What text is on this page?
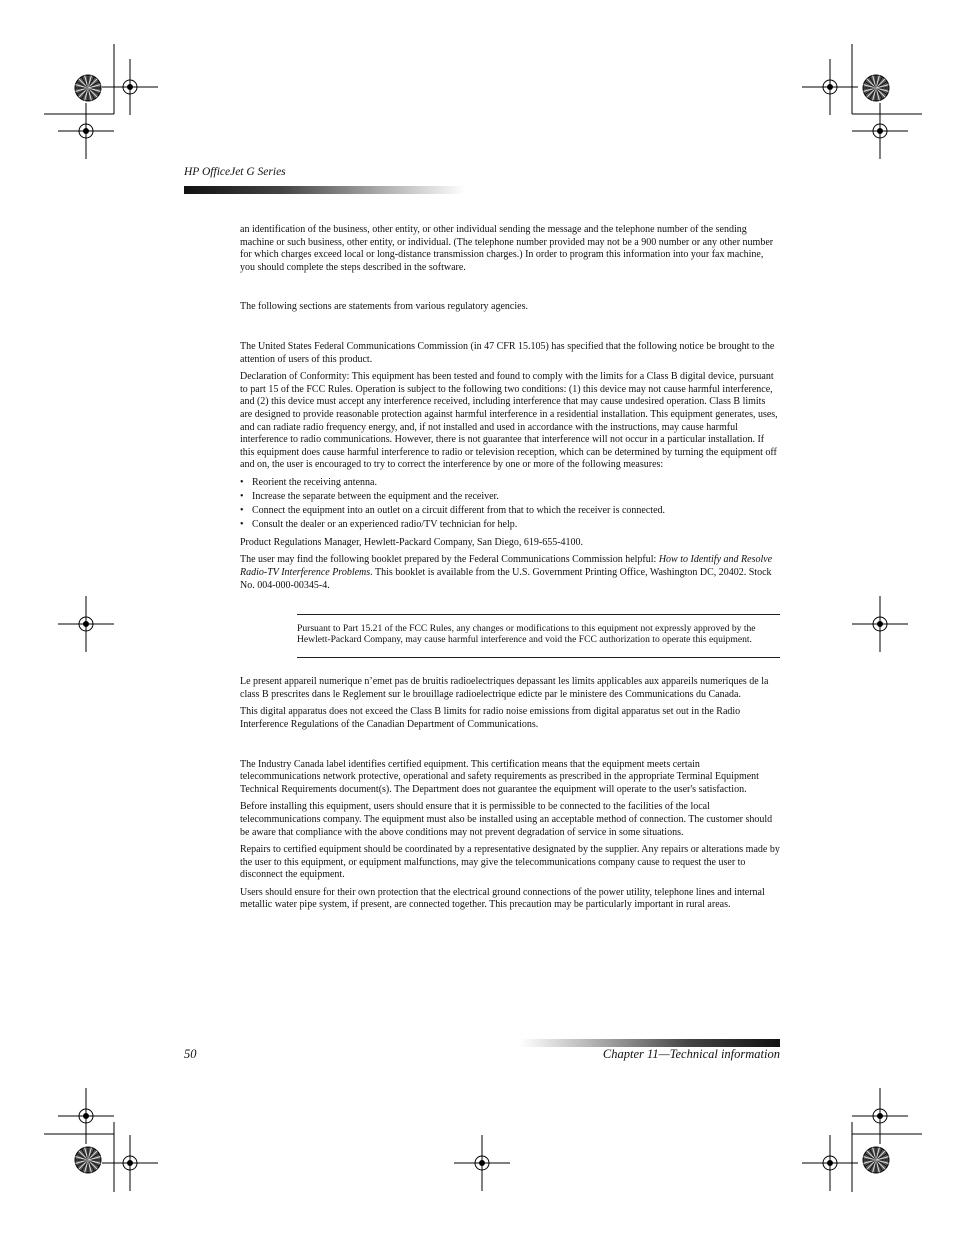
HP OfficeJet G Series

an identification of the business, other entity, or other individual sending the message and the telephone number of the sending machine or such business, other entity, or individual. (The telephone number provided may not be a 900 number or any other number for which charges exceed local or long-distance transmission charges.) In order to program this information into your fax machine, you should complete the steps described in the software.

The following sections are statements from various regulatory agencies.

The United States Federal Communications Commission (in 47 CFR 15.105) has specified that the following notice be brought to the attention of users of this product.

Declaration of Conformity: This equipment has been tested and found to comply with the limits for a Class B digital device, pursuant to part 15 of the FCC Rules. Operation is subject to the following two conditions: (1) this device may not cause harmful interference, and (2) this device must accept any interference received, including interference that may cause undesired operation. Class B limits are designed to provide reasonable protection against harmful interference in a residential installation. This equipment generates, uses, and can radiate radio frequency energy, and, if not installed and used in accordance with the instructions, may cause harmful interference to radio communications. However, there is not guarantee that interference will not occur in a particular installation. If this equipment does cause harmful interference to radio or television reception, which can be determined by turning the equipment off and on, the user is encouraged to try to correct the interference by one or more of the following measures:

• Reorient the receiving antenna.
• Increase the separate between the equipment and the receiver.
• Connect the equipment into an outlet on a circuit different from that to which the receiver is connected.
• Consult the dealer or an experienced radio/TV technician for help.

Product Regulations Manager, Hewlett-Packard Company, San Diego, 619-655-4100.

The user may find the following booklet prepared by the Federal Communications Commission helpful: How to Identify and Resolve Radio-TV Interference Problems. This booklet is available from the U.S. Government Printing Office, Washington DC, 20402. Stock No. 004-000-00345-4.

Pursuant to Part 15.21 of the FCC Rules, any changes or modifications to this equipment not expressly approved by the Hewlett-Packard Company, may cause harmful interference and void the FCC authorization to operate this equipment.

Le present appareil numerique n’emet pas de bruitis radioelectriques depassant les limits applicables aux appareils numeriques de la class B prescrites dans le Reglement sur le brouillage radioelectrique edicte par le ministere des Communications du Canada.

This digital apparatus does not exceed the Class B limits for radio noise emissions from digital apparatus set out in the Radio Interference Regulations of the Canadian Department of Communications.

The Industry Canada label identifies certified equipment. This certification means that the equipment meets certain telecommunications network protective, operational and safety requirements as prescribed in the appropriate Terminal Equipment Technical Requirements document(s). The Department does not guarantee the equipment will operate to the user's satisfaction.

Before installing this equipment, users should ensure that it is permissible to be connected to the facilities of the local telecommunications company. The equipment must also be installed using an acceptable method of connection. The customer should be aware that compliance with the above conditions may not prevent degradation of service in some situations.

Repairs to certified equipment should be coordinated by a representative designated by the supplier. Any repairs or alterations made by the user to this equipment, or equipment malfunctions, may give the telecommunications company cause to request the user to disconnect the equipment.

Users should ensure for their own protection that the electrical ground connections of the power utility, telephone lines and internal metallic water pipe system, if present, are connected together. This precaution may be particularly important in rural areas.

50	Chapter 11—Technical information
